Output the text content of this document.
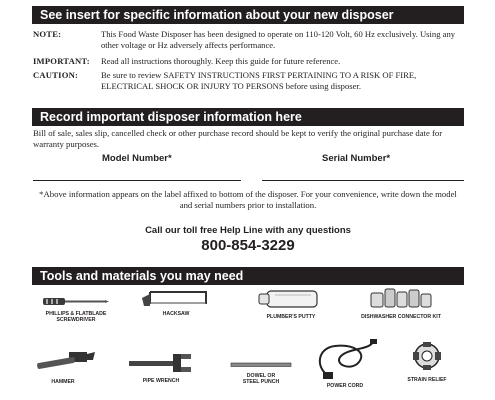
See insert for specific information about your new disposer
NOTE:	This Food Waste Disposer has been designed to operate on 110-120 Volt, 60 Hz exclusively. Using any other voltage or Hz adversely affects performance.
IMPORTANT: Read all instructions thoroughly. Keep this guide for future reference.
CAUTION:	Be sure to review SAFETY INSTRUCTIONS FIRST PERTAINING TO A RISK OF FIRE, ELECTRICAL SHOCK OR INJURY TO PERSONS before using disposer.
Record important disposer information here
Bill of sale, sales slip, cancelled check or other purchase record should be kept to verify the original purchase date for warranty purposes.
Model Number*	Serial Number*
*Above information appears on the label affixed to bottom of the disposer. For your convenience, write down the model and serial numbers prior to installation.
Call our toll free Help Line with any questions
800-854-3229
Tools and materials you may need
PHILLIPS & FLATBLADE
SCREWDRIVER
HACKSAW	PLUMBER'S PUTTY	DISHWASHER CONNECTOR KIT
HAMMER	PIPE WRENCH
DOWEL OR
STEEL PUNCH
POWER CORD
STRAIN RELIEF
